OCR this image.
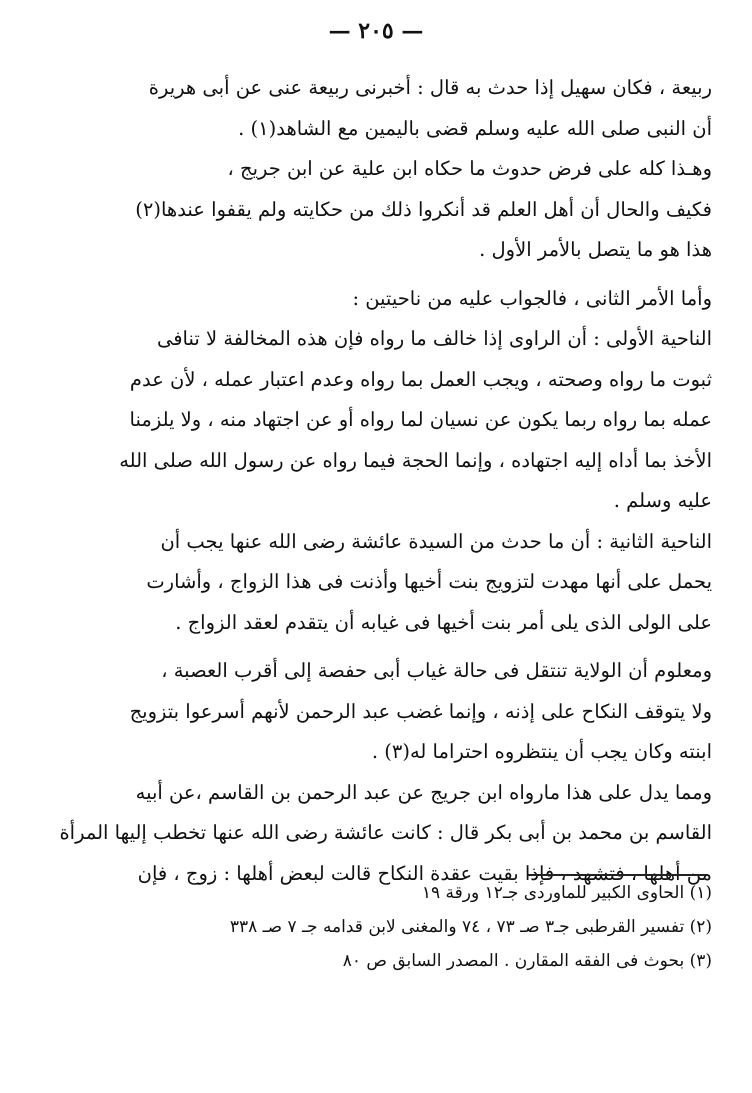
— ٢٠٥ —
ربيعة ، فكان سهيل إذا حدث به قال : أخبرنى ربيعة عنى عن أبى هريرة
أن النبى صلى الله عليه وسلم قضى باليمين مع الشاهد(١) .
وهـذا كله على فرض حدوث ما حكاه ابن علية عن ابن جريج ،
فكيف والحال أن أهل العلم قد أنكروا ذلك من حكايته ولم يقفوا عندها(٢)
هذا هو ما يتصل بالأمر الأول .
وأما الأمر الثانى ، فالجواب عليه من ناحيتين :
الناحية الأولى : أن الراوى إذا خالف ما رواه فإن هذه المخالفة لا تنافى
ثبوت ما رواه وصحته ، ويجب العمل بما رواه وعدم اعتبار عمله ، لأن عدم
عمله بما رواه ربما يكون عن نسيان لما رواه أو عن اجتهاد منه ، ولا يلزمنا
الأخذ بما أداه إليه اجتهاده ، وإنما الحجة فيما رواه عن رسول الله صلى الله
عليه وسلم .
الناحية الثانية : أن ما حدث من السيدة عائشة رضى الله عنها يجب أن
يحمل على أنها مهدت لتزويج بنت أخيها وأذنت فى هذا الزواج ، وأشارت
على الولى الذى يلى أمر بنت أخيها فى غيابه أن يتقدم لعقد الزواج .
ومعلوم أن الولاية تنتقل فى حالة غياب أبى حفصة إلى أقرب العصبة ،
ولا يتوقف النكاح على إذنه ، وإنما غضب عبد الرحمن لأنهم أسرعوا بتزويج
ابنته وكان يجب أن ينتظروه احتراما له(٣) .
ومما يدل على هذا مارواه ابن جريج عن عبد الرحمن بن القاسم ،عن أبيه
القاسم بن محمد بن أبى بكر قال : كانت عائشة رضى الله عنها تخطب إليها المرأة
من أهلها ، فتشهد ، فإذا بقيت عقدة النكاح قالت لبعض أهلها : زوج ، فإن
(١) الحاوى الكبير للماوردى جـ١٢ ورقة ١٩
(٢) تفسير القرطبى جـ٣ صـ ٧٣ ، ٧٤ والمغنى لابن قدامه جـ ٧ صـ ٣٣٨
(٣) بحوث فى الفقه المقارن . المصدر السابق ص ٨٠
